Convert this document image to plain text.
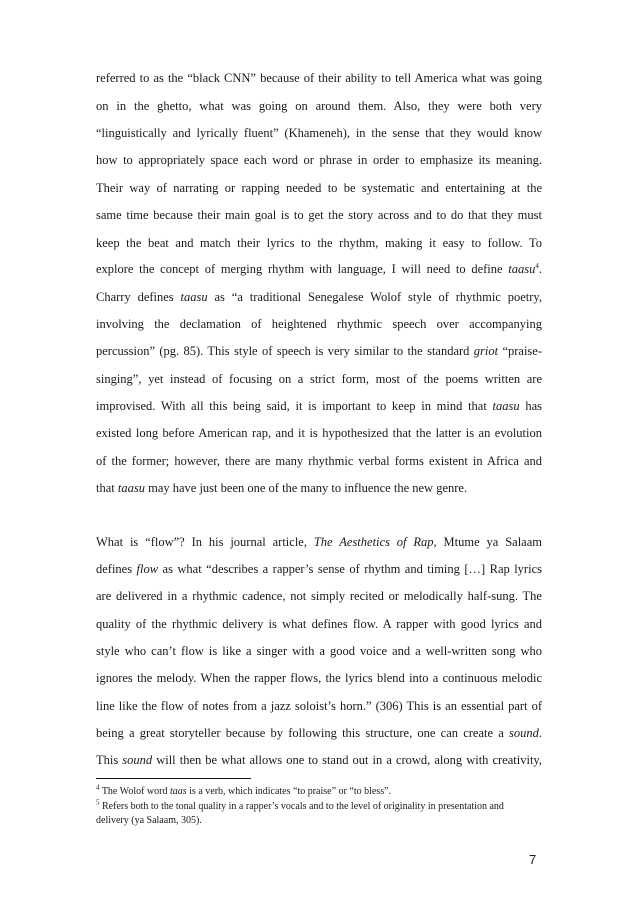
referred to as the “black CNN” because of their ability to tell America what was going
on in the ghetto, what was going on around them. Also, they were both very
“linguistically and lyrically fluent” (Khameneh), in the sense that they would know
how to appropriately space each word or phrase in order to emphasize its meaning.
Their way of narrating or rapping needed to be systematic and entertaining at the
same time because their main goal is to get the story across and to do that they must
keep the beat and match their lyrics to the rhythm, making it easy to follow. To
explore the concept of merging rhythm with language, I will need to define taasu$^4$.
Charry defines taasu as “a traditional Senegalese Wolof style of rhythmic poetry,
involving the declamation of heightened rhythmic speech over accompanying
percussion” (pg. 85). This style of speech is very similar to the standard griot “praise-
singing”, yet instead of focusing on a strict form, most of the poems written are
improvised. With all this being said, it is important to keep in mind that taasu has
existed long before American rap, and it is hypothesized that the latter is an evolution
of the former; however, there are many rhythmic verbal forms existent in Africa and
that taasu may have just been one of the many to influence the new genre.
What is “flow”? In his journal article, The Aesthetics of Rap, Mtume ya Salaam
defines flow as what “describes a rapper’s sense of rhythm and timing […] Rap lyrics
are delivered in a rhythmic cadence, not simply recited or melodically half-sung. The
quality of the rhythmic delivery is what defines flow. A rapper with good lyrics and
style who can’t flow is like a singer with a good voice and a well-written song who
ignores the melody. When the rapper flows, the lyrics blend into a continuous melodic
line like the flow of notes from a jazz soloist’s horn.” (306) This is an essential part of
being a great storyteller because by following this structure, one can create a sound.
This sound will then be what allows one to stand out in a crowd, along with creativity,
$^4$ The Wolof word taas is a verb, which indicates “to praise” or “to bless”.
$^5$ Refers both to the tonal quality in a rapper’s vocals and to the level of originality in presentation and
delivery (ya Salaam, 305).
7
